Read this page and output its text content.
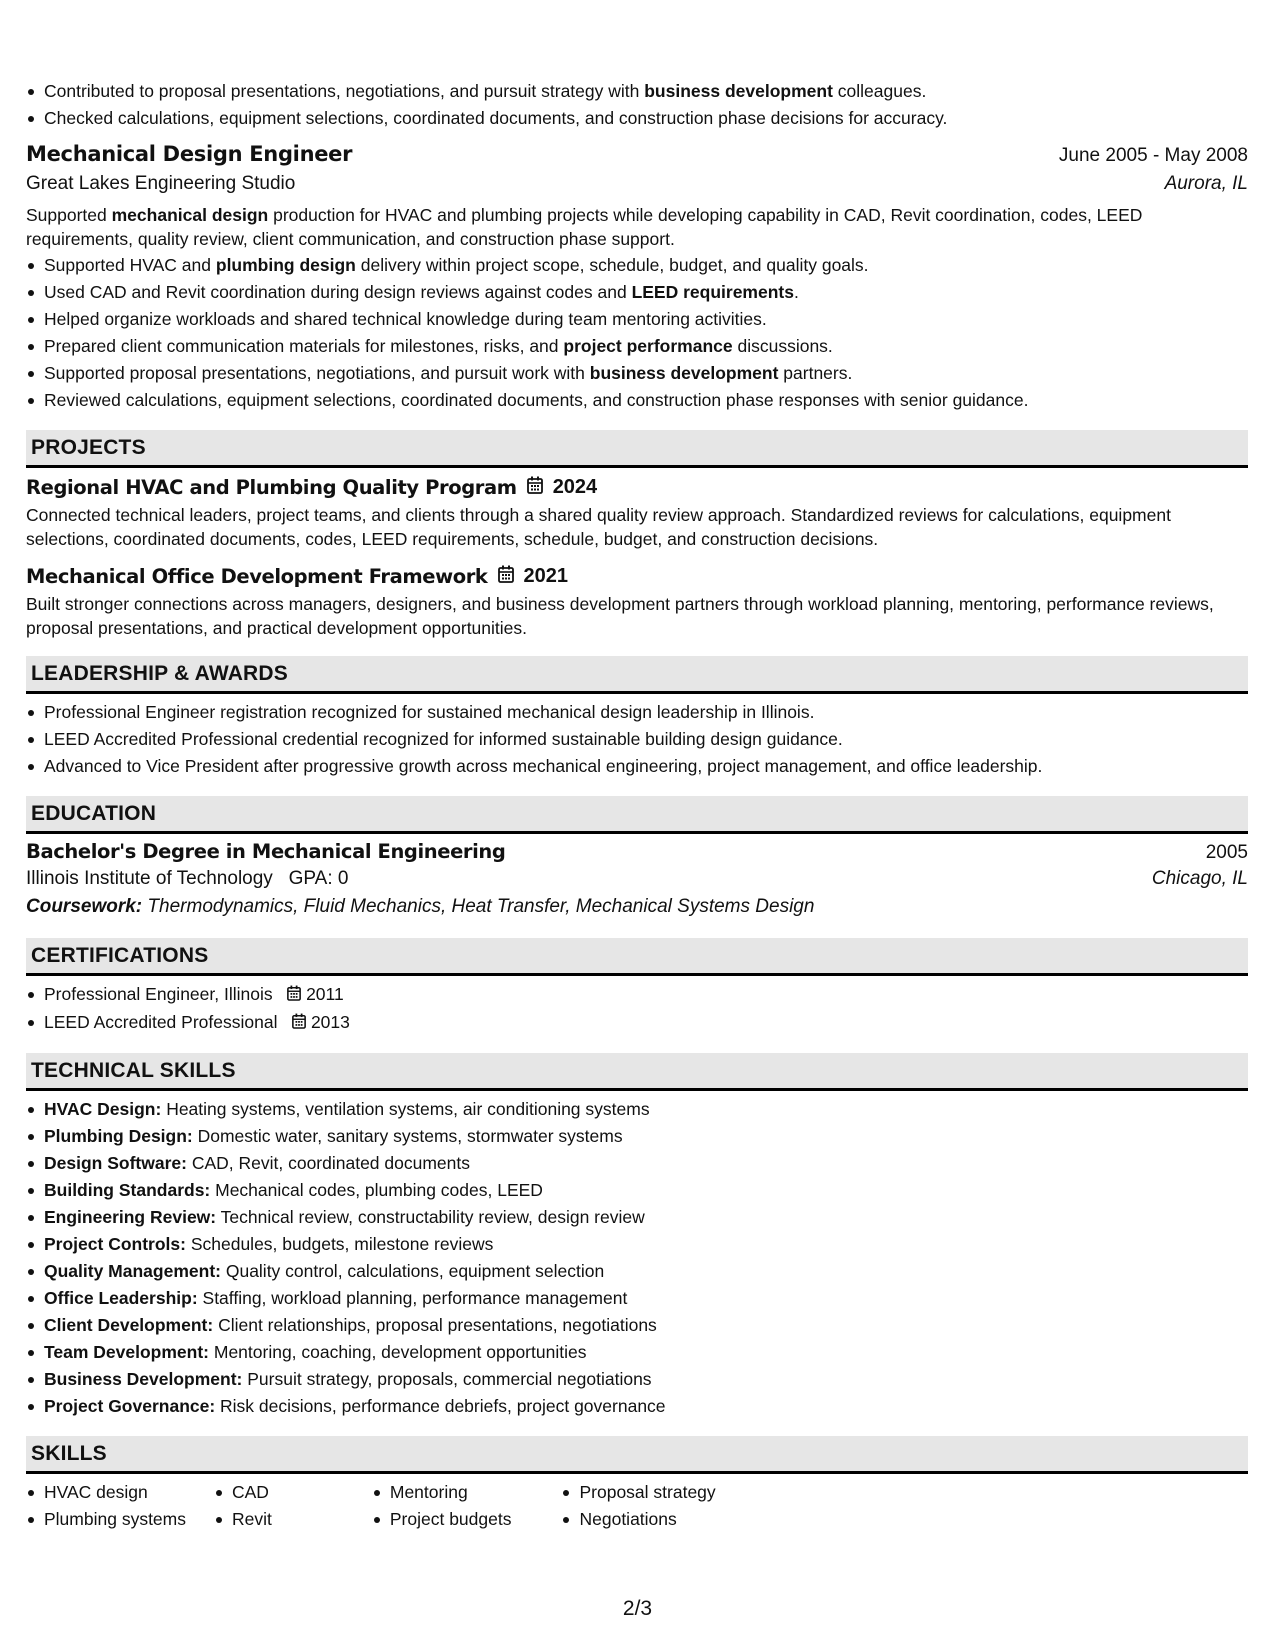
Contributed to proposal presentations, negotiations, and pursuit strategy with business development colleagues.
Checked calculations, equipment selections, coordinated documents, and construction phase decisions for accuracy.
Mechanical Design Engineer	June 2005 - May 2008
Great Lakes Engineering Studio	Aurora, IL
Supported mechanical design production for HVAC and plumbing projects while developing capability in CAD, Revit coordination, codes, LEED requirements, quality review, client communication, and construction phase support.
Supported HVAC and plumbing design delivery within project scope, schedule, budget, and quality goals.
Used CAD and Revit coordination during design reviews against codes and LEED requirements.
Helped organize workloads and shared technical knowledge during team mentoring activities.
Prepared client communication materials for milestones, risks, and project performance discussions.
Supported proposal presentations, negotiations, and pursuit work with business development partners.
Reviewed calculations, equipment selections, coordinated documents, and construction phase responses with senior guidance.
PROJECTS
Regional HVAC and Plumbing Quality Program 2024
Connected technical leaders, project teams, and clients through a shared quality review approach. Standardized reviews for calculations, equipment selections, coordinated documents, codes, LEED requirements, schedule, budget, and construction decisions.
Mechanical Office Development Framework 2021
Built stronger connections across managers, designers, and business development partners through workload planning, mentoring, performance reviews, proposal presentations, and practical development opportunities.
LEADERSHIP & AWARDS
Professional Engineer registration recognized for sustained mechanical design leadership in Illinois.
LEED Accredited Professional credential recognized for informed sustainable building design guidance.
Advanced to Vice President after progressive growth across mechanical engineering, project management, and office leadership.
EDUCATION
Bachelor's Degree in Mechanical Engineering	2005
Illinois Institute of Technology GPA: 0	Chicago, IL
Coursework: Thermodynamics, Fluid Mechanics, Heat Transfer, Mechanical Systems Design
CERTIFICATIONS
Professional Engineer, Illinois 2011
LEED Accredited Professional 2013
TECHNICAL SKILLS
HVAC Design: Heating systems, ventilation systems, air conditioning systems
Plumbing Design: Domestic water, sanitary systems, stormwater systems
Design Software: CAD, Revit, coordinated documents
Building Standards: Mechanical codes, plumbing codes, LEED
Engineering Review: Technical review, constructability review, design review
Project Controls: Schedules, budgets, milestone reviews
Quality Management: Quality control, calculations, equipment selection
Office Leadership: Staffing, workload planning, performance management
Client Development: Client relationships, proposal presentations, negotiations
Team Development: Mentoring, coaching, development opportunities
Business Development: Pursuit strategy, proposals, commercial negotiations
Project Governance: Risk decisions, performance debriefs, project governance
SKILLS
HVAC design
Plumbing systems
CAD
Revit
Mentoring
Project budgets
Proposal strategy
Negotiations
2/3
